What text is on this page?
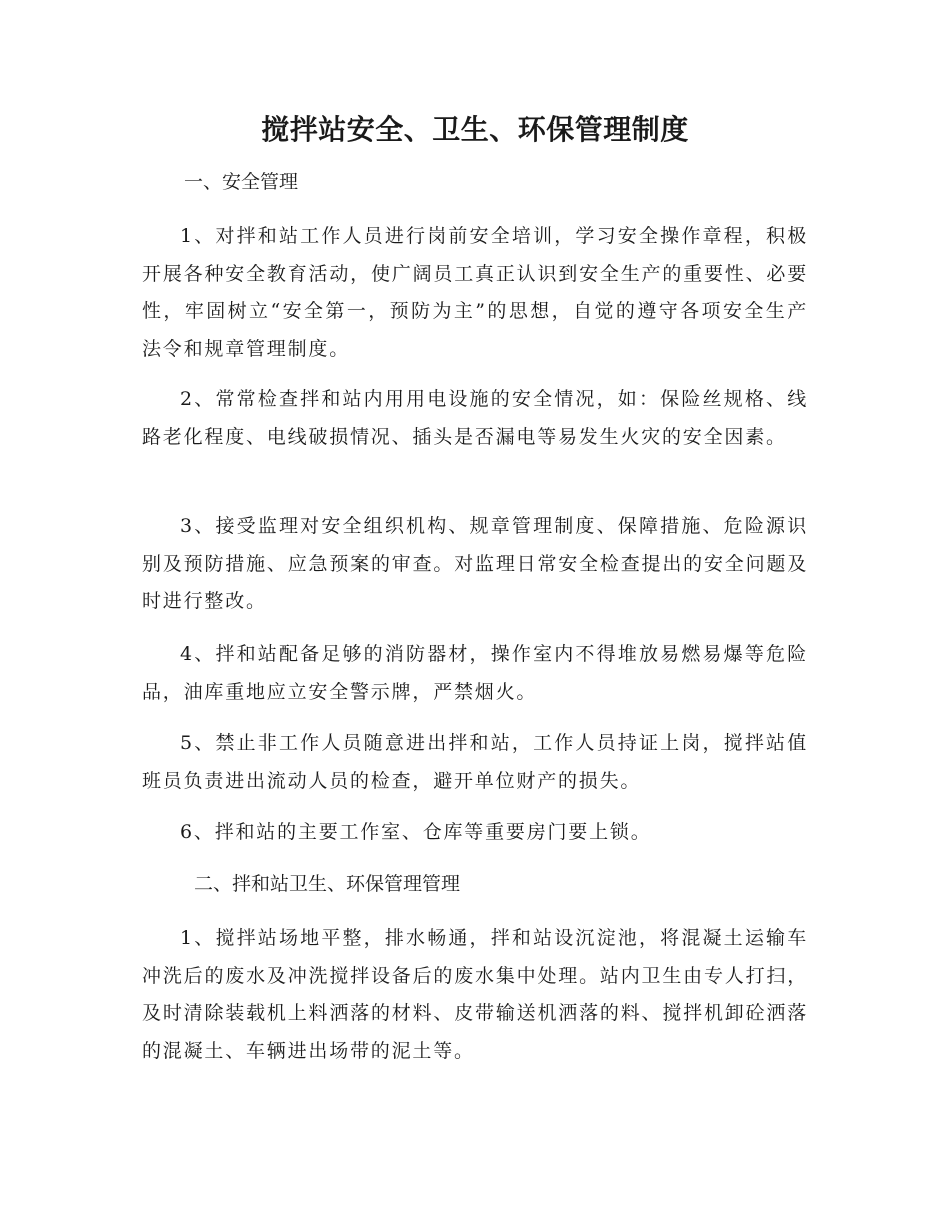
搅拌站安全、卫生、环保管理制度
一、安全管理

1、对拌和站工作人员进行岗前安全培训，学习安全操作章程，积极开展各种安全教育活动，使广阔员工真正认识到安全生产的重要性、必要性，牢固树立“安全第一，预防为主”的思想，自觉的遵守各项安全生产法令和规章管理制度。

2、常常检查拌和站内用用电设施的安全情况，如：保险丝规格、线路老化程度、电线破损情况、插头是否漏电等易发生火灾的安全因素。

3、接受监理对安全组织机构、规章管理制度、保障措施、危险源识别及预防措施、应急预案的审查。对监理日常安全检查提出的安全问题及时进行整改。

4、拌和站配备足够的消防器材，操作室内不得堆放易燃易爆等危险品，油库重地应立安全警示牌，严禁烟火。

5、禁止非工作人员随意进出拌和站，工作人员持证上岗，搅拌站值班员负责进出流动人员的检查，避开单位财产的损失。

6、拌和站的主要工作室、仓库等重要房门要上锁。

二、拌和站卫生、环保管理管理

1、搅拌站场地平整，排水畅通，拌和站设沉淀池，将混凝土运输车冲洗后的废水及冲洗搅拌设备后的废水集中处理。站内卫生由专人打扫，及时清除装载机上料洒落的材料、皮带输送机洒落的料、搅拌机卸砼洒落的混凝土、车辆进出场带的泥土等。
